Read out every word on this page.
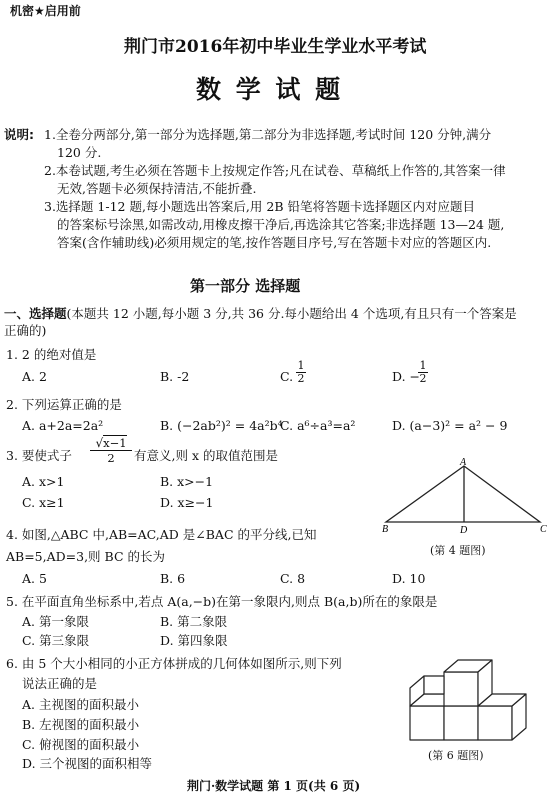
机密★启用前
荆门市2016年初中毕业生学业水平考试
数 学 试 题
说明: 1.全卷分两部分,第一部分为选择题,第二部分为非选择题,考试时间 120 分钟,满分
120 分.
2.本卷试题,考生必须在答题卡上按规定作答;凡在试卷、草稿纸上作答的,其答案一律
无效,答题卡必须保持清洁,不能折叠.
3.选择题 1-12 题,每小题选出答案后,用 2B 铅笔将答题卡选择题区内对应题目
的答案标号涂黑,如需改动,用橡皮擦干净后,再选涂其它答案;非选择题 13—24 题,
答案(含作辅助线)必须用规定的笔,按作答题目序号,写在答题卡对应的答题区内.
第一部分 选择题
一、选择题(本题共 12 小题,每小题 3 分,共 36 分.每小题给出 4 个选项,有且只有一个答案是
正确的)
1. 2 的绝对值是
A. 2	B. -2	C.
1
2	D. −
1
2
2. 下列运算正确的是
A. a+2a=2a²	B. (−2ab²)² = 4a²b⁴
C. a⁶÷a³=a²	D. (a−3)² = a² − 9
3. 要使式子
√x−1
2	有意义,则 x 的取值范围是
A. x>1	B. x>−1
C. x≥1	D. x≥−1
A
B	C
D
(第 4 题图)
4. 如图,△ABC 中,AB=AC,AD 是∠BAC 的平分线,已知
AB=5,AD=3,则 BC 的长为
A. 5	B. 6	C. 8	D. 10
5. 在平面直角坐标系中,若点 A(a,−b)在第一象限内,则点 B(a,b)所在的象限是
A. 第一象限	B. 第二象限
C. 第三象限	D. 第四象限
6. 由 5 个大小相同的小正方体拼成的几何体如图所示,则下列
说法正确的是
A. 主视图的面积最小
B. 左视图的面积最小
C. 俯视图的面积最小
D. 三个视图的面积相等
(第 6 题图)
荆门·数学试题 第 1 页(共 6 页)
